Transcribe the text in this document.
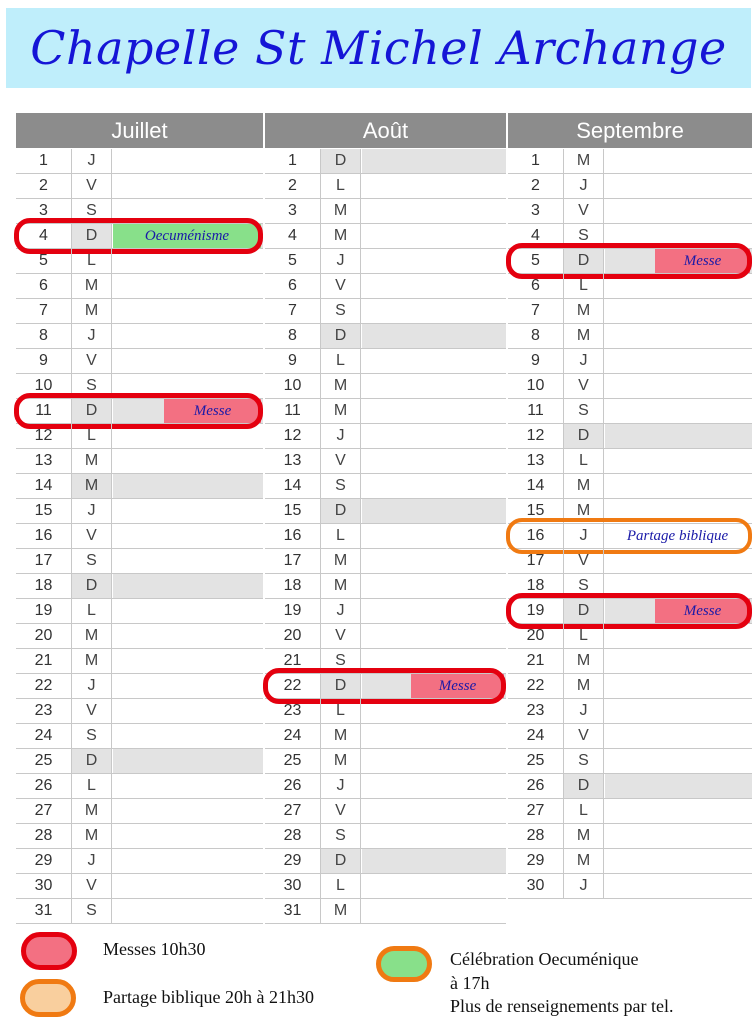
Chapelle St Michel Archange
Juillet
1	J
2	V
3	S
4	D	Oecuménisme
5	L
6	M
7	M
8	J
9	V
10	S
11	D	Messe
12	L
13	M
14	M
15	J
16	V
17	S
18	D
19	L
20	M
21	M
22	J
23	V
24	S
25	D
26	L
27	M
28	M
29	J
30	V
31	S
Août
1	D
2	L
3	M
4	M
5	J
6	V
7	S
8	D
9	L
10	M
11	M
12	J
13	V
14	S
15	D
16	L
17	M
18	M
19	J
20	V
21	S
22	D	Messe
23	L
24	M
25	M
26	J
27	V
28	S
29	D
30	L
31	M
Septembre
1	M
2	J
3	V
4	S
5	D	Messe
6	L
7	M
8	M
9	J
10	V
11	S
12	D
13	L
14	M
15	M
16	J	Partage biblique
17	V
18	S
19	D	Messe
20	L
21	M
22	M
23	J
24	V
25	S
26	D
27	L
28	M
29	M
30	J
Messes 10h30
Partage biblique 20h à 21h30
Célébration Oecuménique
à 17h
Plus de renseignements par tel.
